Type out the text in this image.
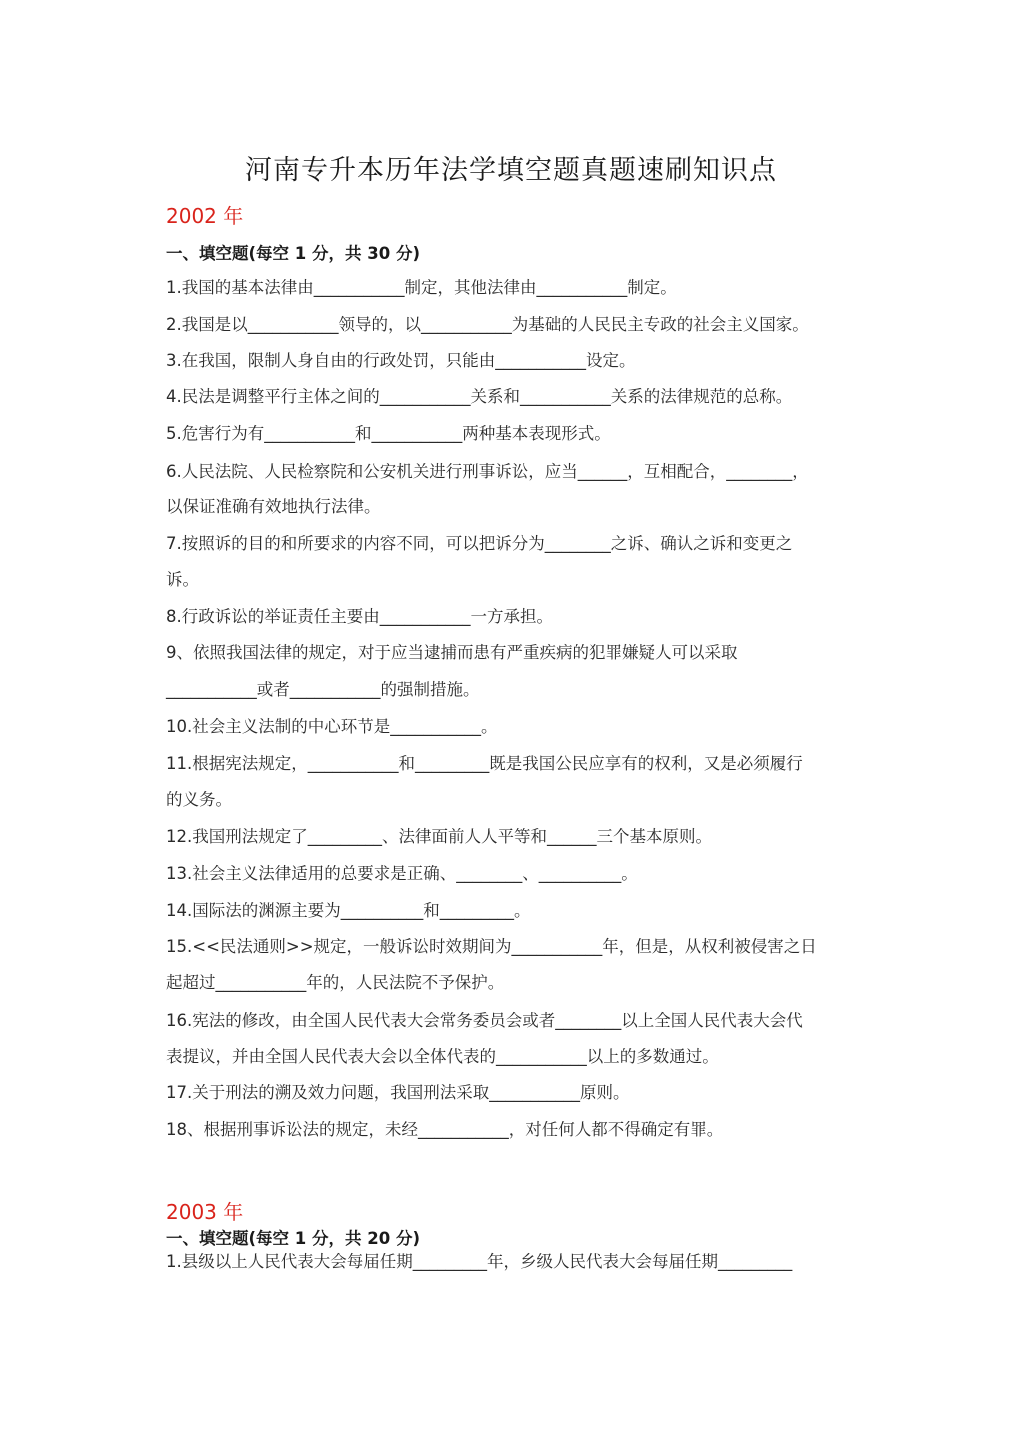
河南专升本历年法学填空题真题速刷知识点
2002 年
一、填空题(每空 1 分，共 30 分)
1.我国的基本法律由___________制定，其他法律由___________制定。
2.我国是以___________领导的，以___________为基础的人民民主专政的社会主义国家。
3.在我国，限制人身自由的行政处罚，只能由___________设定。
4.民法是调整平行主体之间的___________关系和___________关系的法律规范的总称。
5.危害行为有___________和___________两种基本表现形式。
6.人民法院、人民检察院和公安机关进行刑事诉讼，应当______，互相配合，________，
以保证准确有效地执行法律。
7.按照诉的目的和所要求的内容不同，可以把诉分为________之诉、确认之诉和变更之
诉。
8.行政诉讼的举证责任主要由___________一方承担。
9、依照我国法律的规定，对于应当逮捕而患有严重疾病的犯罪嫌疑人可以采取
___________或者___________的强制措施。
10.社会主义法制的中心环节是___________。
11.根据宪法规定，___________和_________既是我国公民应享有的权利，又是必须履行
的义务。
12.我国刑法规定了_________、法律面前人人平等和______三个基本原则。
13.社会主义法律适用的总要求是正确、________、__________。
14.国际法的渊源主要为__________和_________。
15.<<民法通则>>规定，一般诉讼时效期间为___________年，但是，从权利被侵害之日
起超过___________年的，人民法院不予保护。
16.宪法的修改，由全国人民代表大会常务委员会或者________以上全国人民代表大会代
表提议，并由全国人民代表大会以全体代表的___________以上的多数通过。
17.关于刑法的溯及效力问题，我国刑法采取___________原则。
18、根据刑事诉讼法的规定，未经___________，对任何人都不得确定有罪。
2003 年
一、填空题(每空 1 分，共 20 分)
1.县级以上人民代表大会每届任期_________年，乡级人民代表大会每届任期_________
